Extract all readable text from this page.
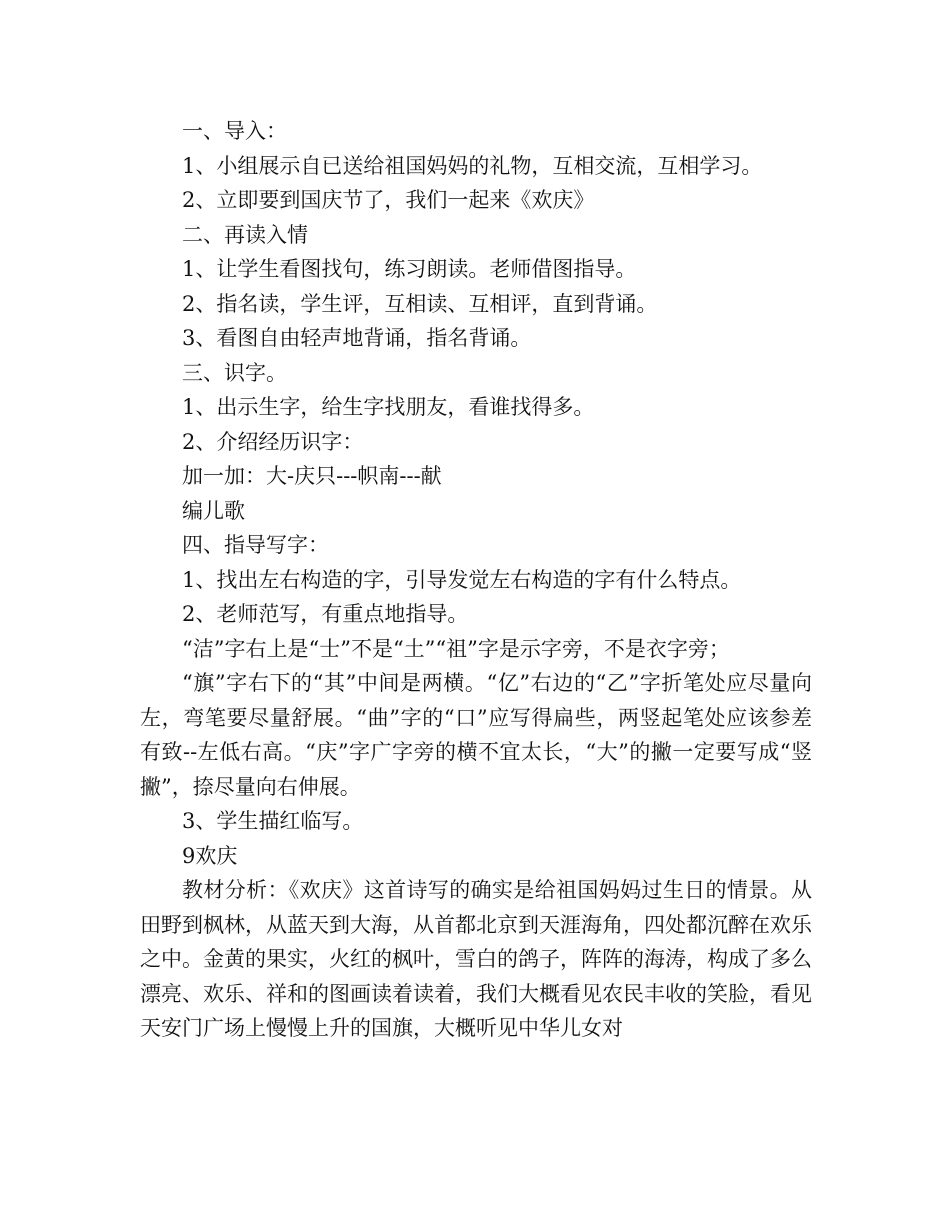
一、导入：
1、小组展示自已送给祖国妈妈的礼物，互相交流，互相学习。
2、立即要到国庆节了，我们一起来《欢庆》
二、再读入情
1、让学生看图找句，练习朗读。老师借图指导。
2、指名读，学生评，互相读、互相评，直到背诵。
3、看图自由轻声地背诵，指名背诵。
三、识字。
1、出示生字，给生字找朋友，看谁找得多。
2、介绍经历识字：
加一加：大-庆只---帜南---献
编儿歌
四、指导写字：
1、找出左右构造的字，引导发觉左右构造的字有什么特点。
2、老师范写，有重点地指导。
“洁”字右上是“士”不是“土”“祖”字是示字旁，不是衣字旁；
“旗”字右下的“其”中间是两横。“亿”右边的“乙”字折笔处应尽量向左，弯笔要尽量舒展。“曲”字的“口”应写得扁些，两竖起笔处应该参差有致--左低右高。“庆”字广字旁的横不宜太长，“大”的撇一定要写成“竖撇”，捺尽量向右伸展。
3、学生描红临写。
9欢庆
教材分析：《欢庆》这首诗写的确实是给祖国妈妈过生日的情景。从田野到枫林，从蓝天到大海，从首都北京到天涯海角，四处都沉醉在欢乐之中。金黄的果实，火红的枫叶，雪白的鸽子，阵阵的海涛，构成了多么漂亮、欢乐、祥和的图画读着读着，我们大概看见农民丰收的笑脸，看见天安门广场上慢慢上升的国旗，大概听见中华儿女对
